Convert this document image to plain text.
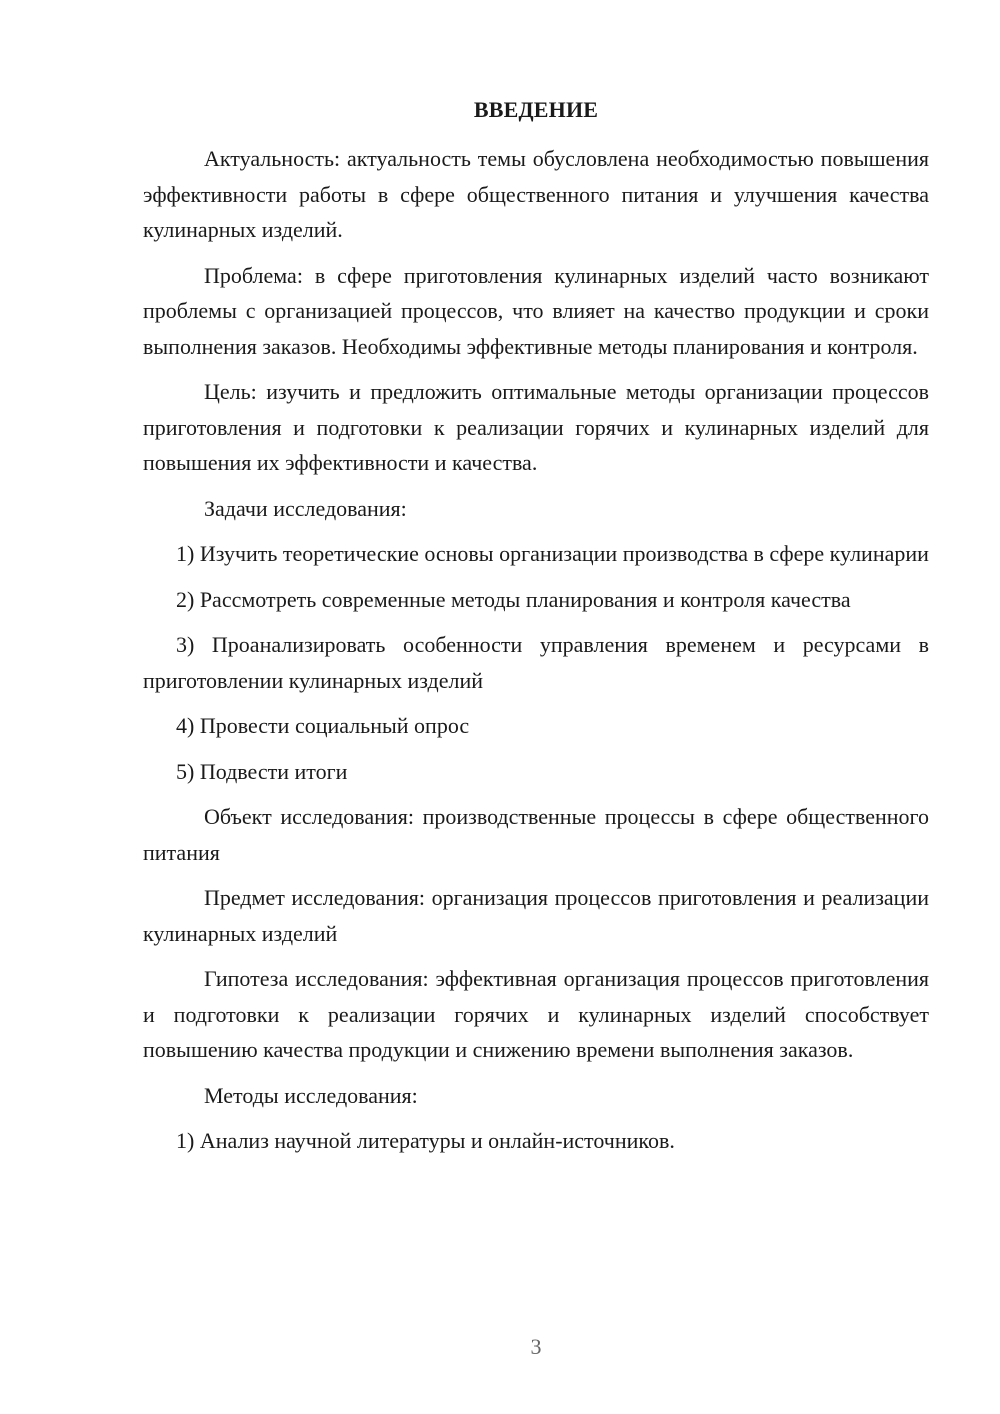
ВВЕДЕНИЕ

Актуальность: актуальность темы обусловлена необходимостью повышения эффективности работы в сфере общественного питания и улучшения качества кулинарных изделий.

Проблема: в сфере приготовления кулинарных изделий часто возникают проблемы с организацией процессов, что влияет на качество продукции и сроки выполнения заказов. Необходимы эффективные методы планирования и контроля.

Цель: изучить и предложить оптимальные методы организации процессов приготовления и подготовки к реализации горячих и кулинарных изделий для повышения их эффективности и качества.

Задачи исследования:

1) Изучить теоретические основы организации производства в сфере кулинарии

2) Рассмотреть современные методы планирования и контроля качества

3) Проанализировать особенности управления временем и ресурсами в приготовлении кулинарных изделий

4) Провести социальный опрос

5) Подвести итоги

Объект исследования: производственные процессы в сфере общественного питания

Предмет исследования: организация процессов приготовления и реализации кулинарных изделий

Гипотеза исследования: эффективная организация процессов приготовления и подготовки к реализации горячих и кулинарных изделий способствует повышению качества продукции и снижению времени выполнения заказов.

Методы исследования:

1) Анализ научной литературы и онлайн-источников.

3
